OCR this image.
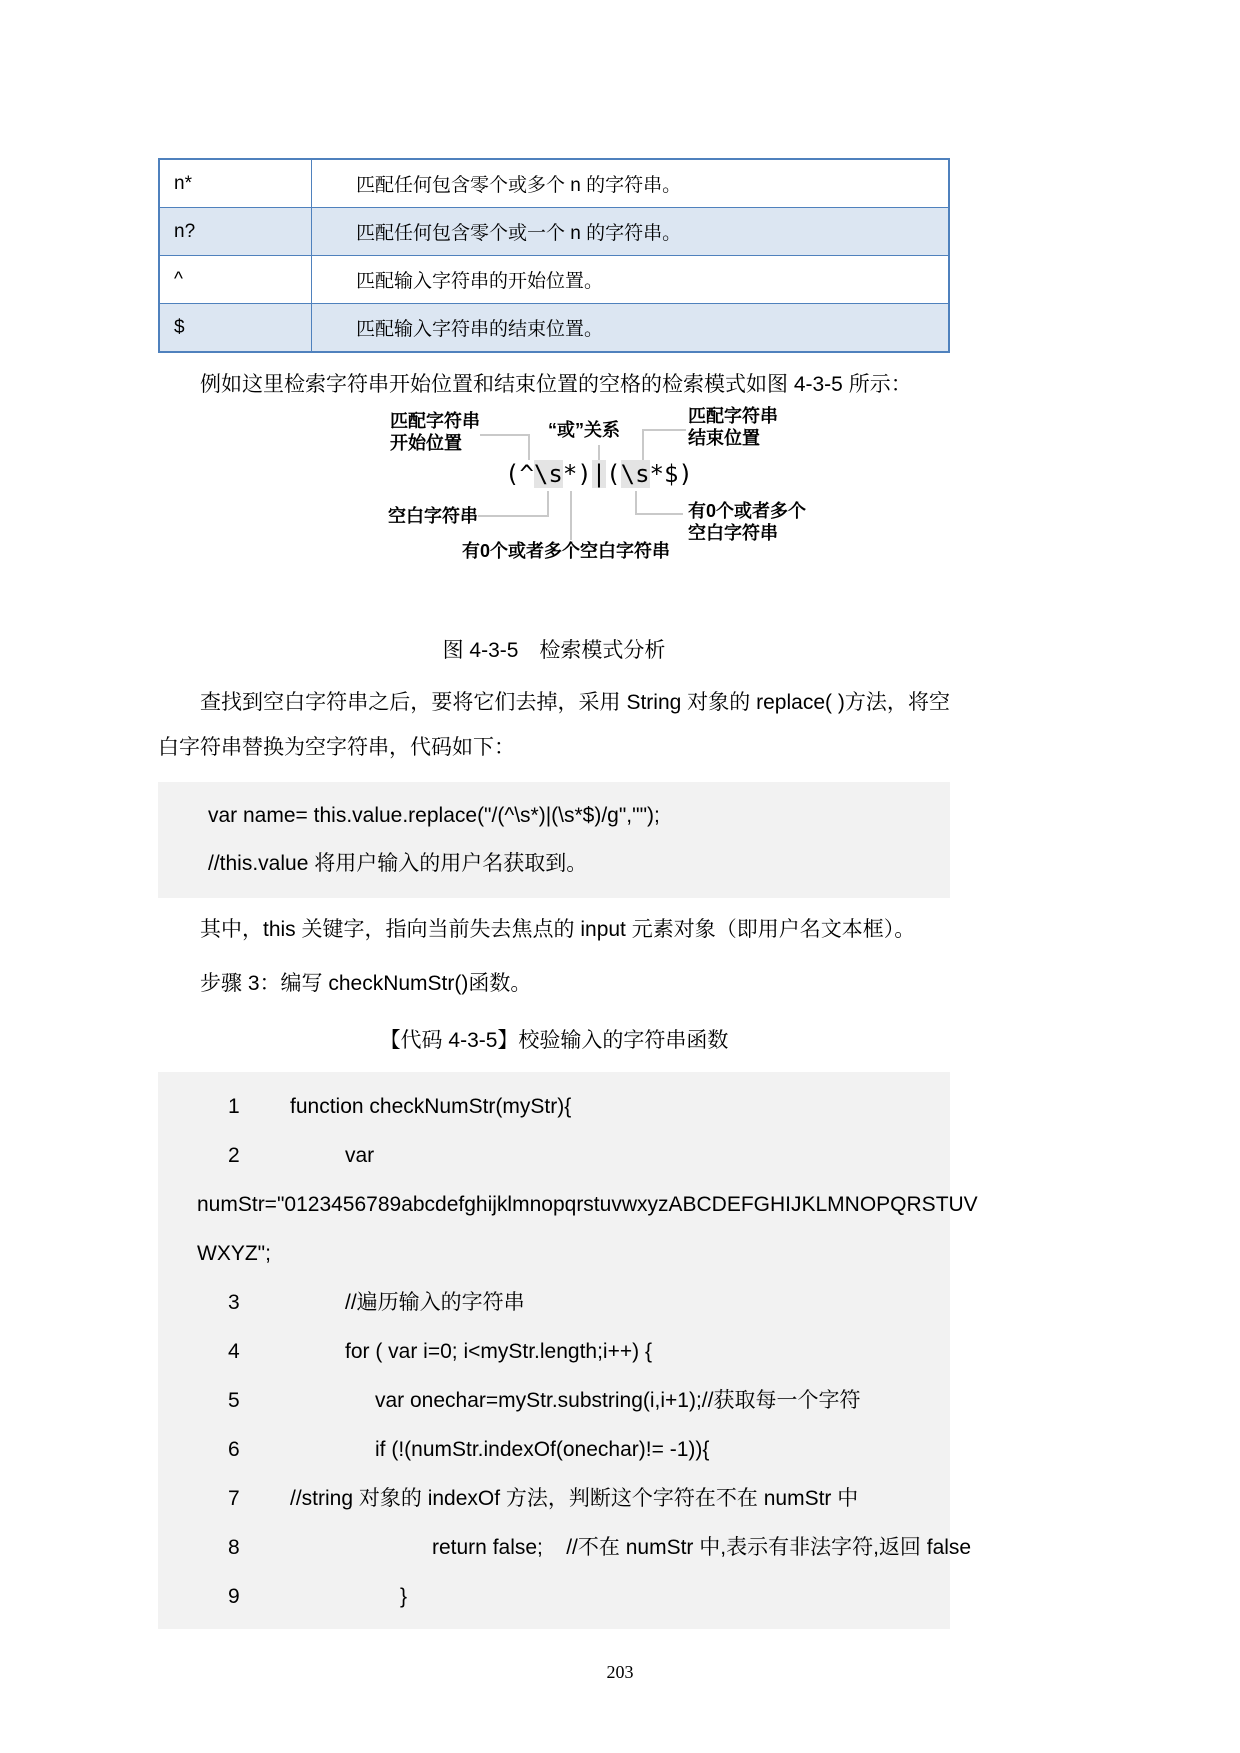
n*	匹配任何包含零个或多个 n 的字符串。
n?	匹配任何包含零个或一个 n 的字符串。
^	匹配输入字符串的开始位置。
$	匹配输入字符串的结束位置。
例如这里检索字符串开始位置和结束位置的空格的检索模式如图 4-3-5 所示：
匹配字符串
开始位置
“或”关系
匹配字符串
结束位置
(^\s*)|(\s*$)
空白字符串
有0个或者多个空白字符串
有0个或者多个
空白字符串
图 4-3-5　检索模式分析
查找到空白字符串之后，要将它们去掉，采用 String 对象的 replace( )方法，将空白字符串替换为空字符串，代码如下：
var name= this.value.replace("/(^\s*)|(\s*$)/g","");
//this.value 将用户输入的用户名获取到。
其中，this 关键字，指向当前失去焦点的 input 元素对象（即用户名文本框）。
步骤 3：编写 checkNumStr()函数。
【代码 4-3-5】校验输入的字符串函数
1 function checkNumStr(myStr){
2	var
numStr="0123456789abcdefghijklmnopqrstuvwxyzABCDEFGHIJKLMNOPQRSTUV
WXYZ";
3	//遍历输入的字符串
4	for ( var i=0; i<myStr.length;i++) {
5	var onechar=myStr.substring(i,i+1);//获取每一个字符
6	if (!(numStr.indexOf(onechar)!= -1)){
7 //string 对象的 indexOf 方法，判断这个字符在不在 numStr 中
8	return false;    //不在 numStr 中,表示有非法字符,返回 false
9	}
203
